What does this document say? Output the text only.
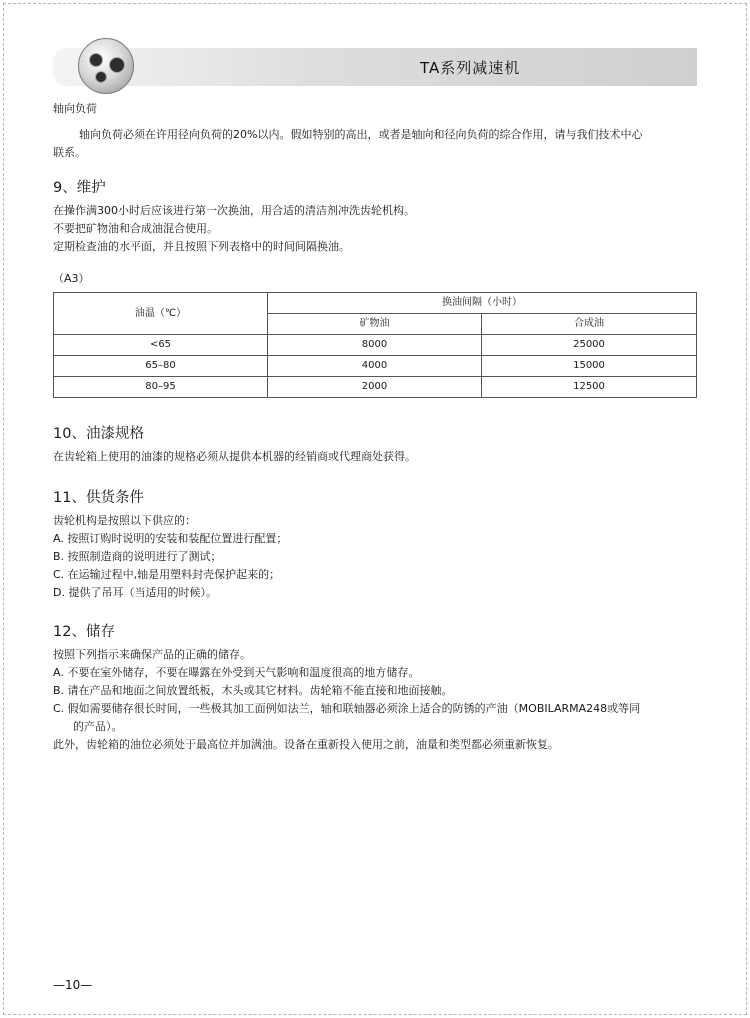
TA系列减速机
轴向负荷
轴向负荷必须在许用径向负荷的20%以内。假如特别的高出，或者是轴向和径向负荷的综合作用，请与我们技术中心
联系。
9、维护
在操作满300小时后应该进行第一次换油，用合适的清洁剂冲洗齿轮机构。
不要把矿物油和合成油混合使用。
定期检查油的水平面，并且按照下列表格中的时间间隔换油。
（A3）
油温（℃）	换油间隔（小时）	
	矿物油	合成油
<65	8000	25000
65–80	4000	15000
80–95	2000	12500
10、油漆规格
在齿轮箱上使用的油漆的规格必须从提供本机器的经销商或代理商处获得。
11、供货条件
齿轮机构是按照以下供应的：
A. 按照订购时说明的安装和装配位置进行配置；
B. 按照制造商的说明进行了测试；
C. 在运输过程中,轴是用塑料封壳保护起来的；
D. 提供了吊耳（当适用的时候）。
12、储存
按照下列指示来确保产品的正确的储存。
A. 不要在室外储存，不要在曝露在外受到天气影响和温度很高的地方储存。
B. 请在产品和地面之间放置纸板，木头或其它材料。齿轮箱不能直接和地面接触。
C. 假如需要储存很长时间，一些极其加工面例如法兰，轴和联轴器必须涂上适合的防锈的产油（MOBILARMA248或等同
的产品）。
此外，齿轮箱的油位必须处于最高位并加满油。设备在重新投入使用之前，油量和类型都必须重新恢复。
—10—
